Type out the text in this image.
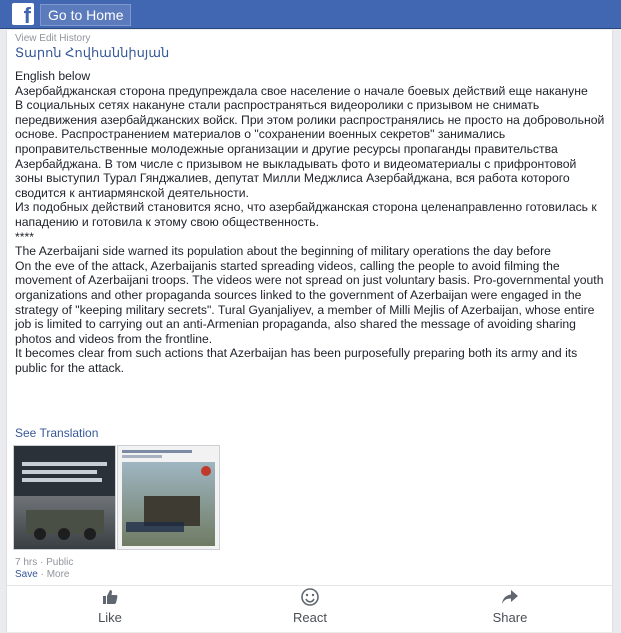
f	Go to Home
View Edit History
Տարոն Հովհաննիսյան

English below

Азербайджанская сторона предупреждала свое население о начале боевых действий еще накануне

В социальных сетях накануне стали распространяться видеоролики с призывом не снимать передвижения азербайджанских войск. При этом ролики распространялись не просто на добровольной основе. Распространением материалов о "сохранении военных секретов" занимались проправительственные молодежные организации и другие ресурсы пропаганды правительства Азербайджана. В том числе с призывом не выкладывать фото и видеоматериалы с прифронтовой зоны выступил Турал Гянджалиев, депутат Милли Меджлиса Азербайджана, вся работа которого сводится к антиармянской деятельности.

Из подобных действий становится ясно, что азербайджанская сторона целенаправленно готовилась к нападению и готовила к этому свою общественность.

****

The Azerbaijani side warned its population about the beginning of military operations the day before

On the eve of the attack, Azerbaijanis started spreading videos, calling the people to avoid filming the movement of Azerbaijani troops. The videos were not spread on just voluntary basis. Pro-governmental youth organizations and other propaganda sources linked to the government of Azerbaijan were engaged in the strategy of "keeping military secrets". Tural Gyanjaliyev, a member of Milli Mejlis of Azerbaijan, whose entire job is limited to carrying out an anti-Armenian propaganda, also shared the message of avoiding sharing photos and videos from the frontline.

It becomes clear from such actions that Azerbaijan has been purposefully preparing both its army and its public for the attack.

See Translation
7 hrs · Public
Save · More
Like	React	Share
